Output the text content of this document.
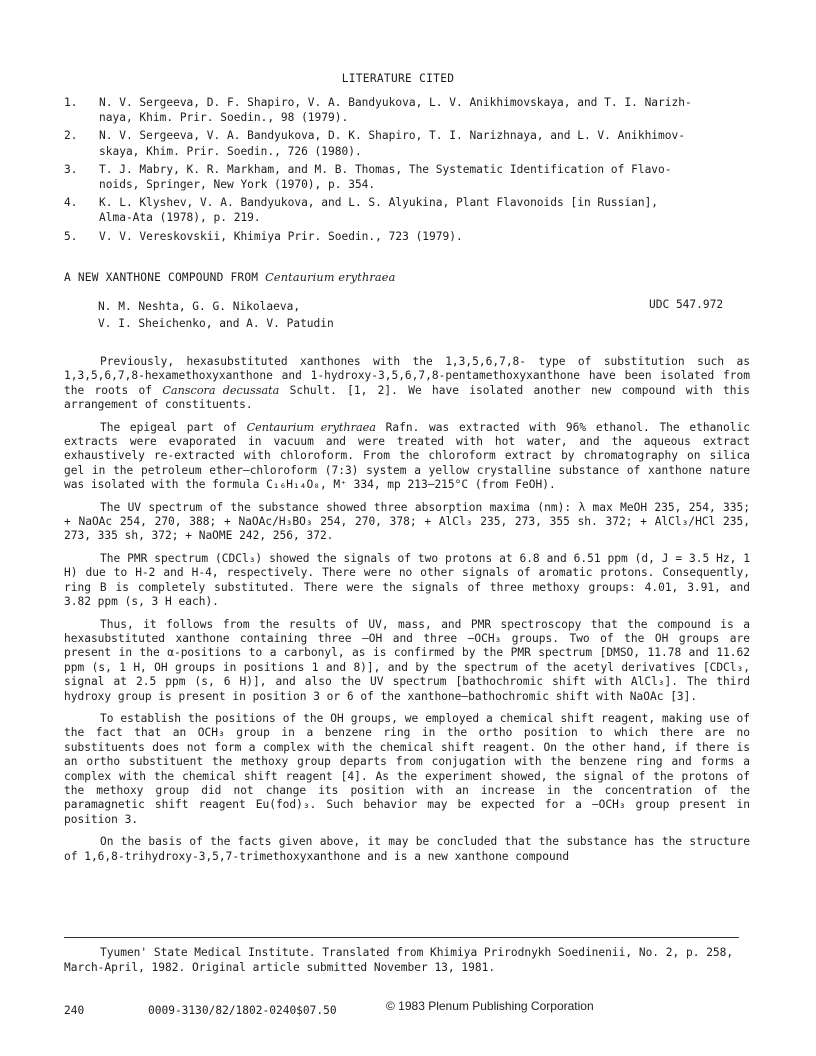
LITERATURE CITED
1. N. V. Sergeeva, D. F. Shapiro, V. A. Bandyukova, L. V. Anikhimovskaya, and T. I. Narizh-
naya, Khim. Prir. Soedin., 98 (1979).
2. N. V. Sergeeva, V. A. Bandyukova, D. K. Shapiro, T. I. Narizhnaya, and L. V. Anikhimov-
skaya, Khim. Prir. Soedin., 726 (1980).
3. T. J. Mabry, K. R. Markham, and M. B. Thomas, The Systematic Identification of Flavo-
noids, Springer, New York (1970), p. 354.
4. K. L. Klyshev, V. A. Bandyukova, and L. S. Alyukina, Plant Flavonoids [in Russian],
Alma-Ata (1978), p. 219.
5. V. V. Vereskovskii, Khimiya Prir. Soedin., 723 (1979).
A NEW XANTHONE COMPOUND FROM Centaurium erythraea
N. M. Neshta, G. G. Nikolaeva,
V. I. Sheichenko, and A. V. Patudin
UDC 547.972

Previously, hexasubstituted xanthones with the 1,3,5,6,7,8- type of substitution such as 1,3,5,6,7,8-hexamethoxyxanthone and 1-hydroxy-3,5,6,7,8-pentamethoxyxanthone have been isolated from the roots of Canscora decussata Schult. [1, 2]. We have isolated another new compound with this arrangement of constituents.

The epigeal part of Centaurium erythraea Rafn. was extracted with 96% ethanol. The ethanolic extracts were evaporated in vacuum and were treated with hot water, and the aqueous extract exhaustively re-extracted with chloroform. From the chloroform extract by chromatography on silica gel in the petroleum ether–chloroform (7:3) system a yellow crystalline substance of xanthone nature was isolated with the formula C₁₆H₁₄O₈, M⁺ 334, mp 213–215°C (from FeOH).

The UV spectrum of the substance showed three absorption maxima (nm): λ max MeOH 235, 254, 335; + NaOAc 254, 270, 388; + NaOAc/H₃BO₃ 254, 270, 378; + AlCl₃ 235, 273, 355 sh. 372; + AlCl₃/HCl 235, 273, 335 sh, 372; + NaOME 242, 256, 372.

The PMR spectrum (CDCl₃) showed the signals of two protons at 6.8 and 6.51 ppm (d, J = 3.5 Hz, 1 H) due to H-2 and H-4, respectively. There were no other signals of aromatic protons. Consequently, ring B is completely substituted. There were the signals of three methoxy groups: 4.01, 3.91, and 3.82 ppm (s, 3 H each).

Thus, it follows from the results of UV, mass, and PMR spectroscopy that the compound is a hexasubstituted xanthone containing three —OH and three —OCH₃ groups. Two of the OH groups are present in the α-positions to a carbonyl, as is confirmed by the PMR spectrum [DMSO, 11.78 and 11.62 ppm (s, 1 H, OH groups in positions 1 and 8)], and by the spectrum of the acetyl derivatives [CDCl₃, signal at 2.5 ppm (s, 6 H)], and also the UV spectrum [bathochromic shift with AlCl₃]. The third hydroxy group is present in position 3 or 6 of the xanthone—bathochromic shift with NaOAc [3].

To establish the positions of the OH groups, we employed a chemical shift reagent, making use of the fact that an OCH₃ group in a benzene ring in the ortho position to which there are no substituents does not form a complex with the chemical shift reagent. On the other hand, if there is an ortho substituent the methoxy group departs from conjugation with the benzene ring and forms a complex with the chemical shift reagent [4]. As the experiment showed, the signal of the protons of the methoxy group did not change its position with an increase in the concentration of the paramagnetic shift reagent Eu(fod)₃. Such behavior may be expected for a —OCH₃ group present in position 3.

On the basis of the facts given above, it may be concluded that the substance has the structure of 1,6,8-trihydroxy-3,5,7-trimethoxyxanthone and is a new xanthone compound

Tyumen' State Medical Institute. Translated from Khimiya Prirodnykh Soedinenii, No. 2, p. 258, March-April, 1982. Original article submitted November 13, 1981.
240	0009-3130/82/1802-0240$07.50	© 1983 Plenum Publishing Corporation
